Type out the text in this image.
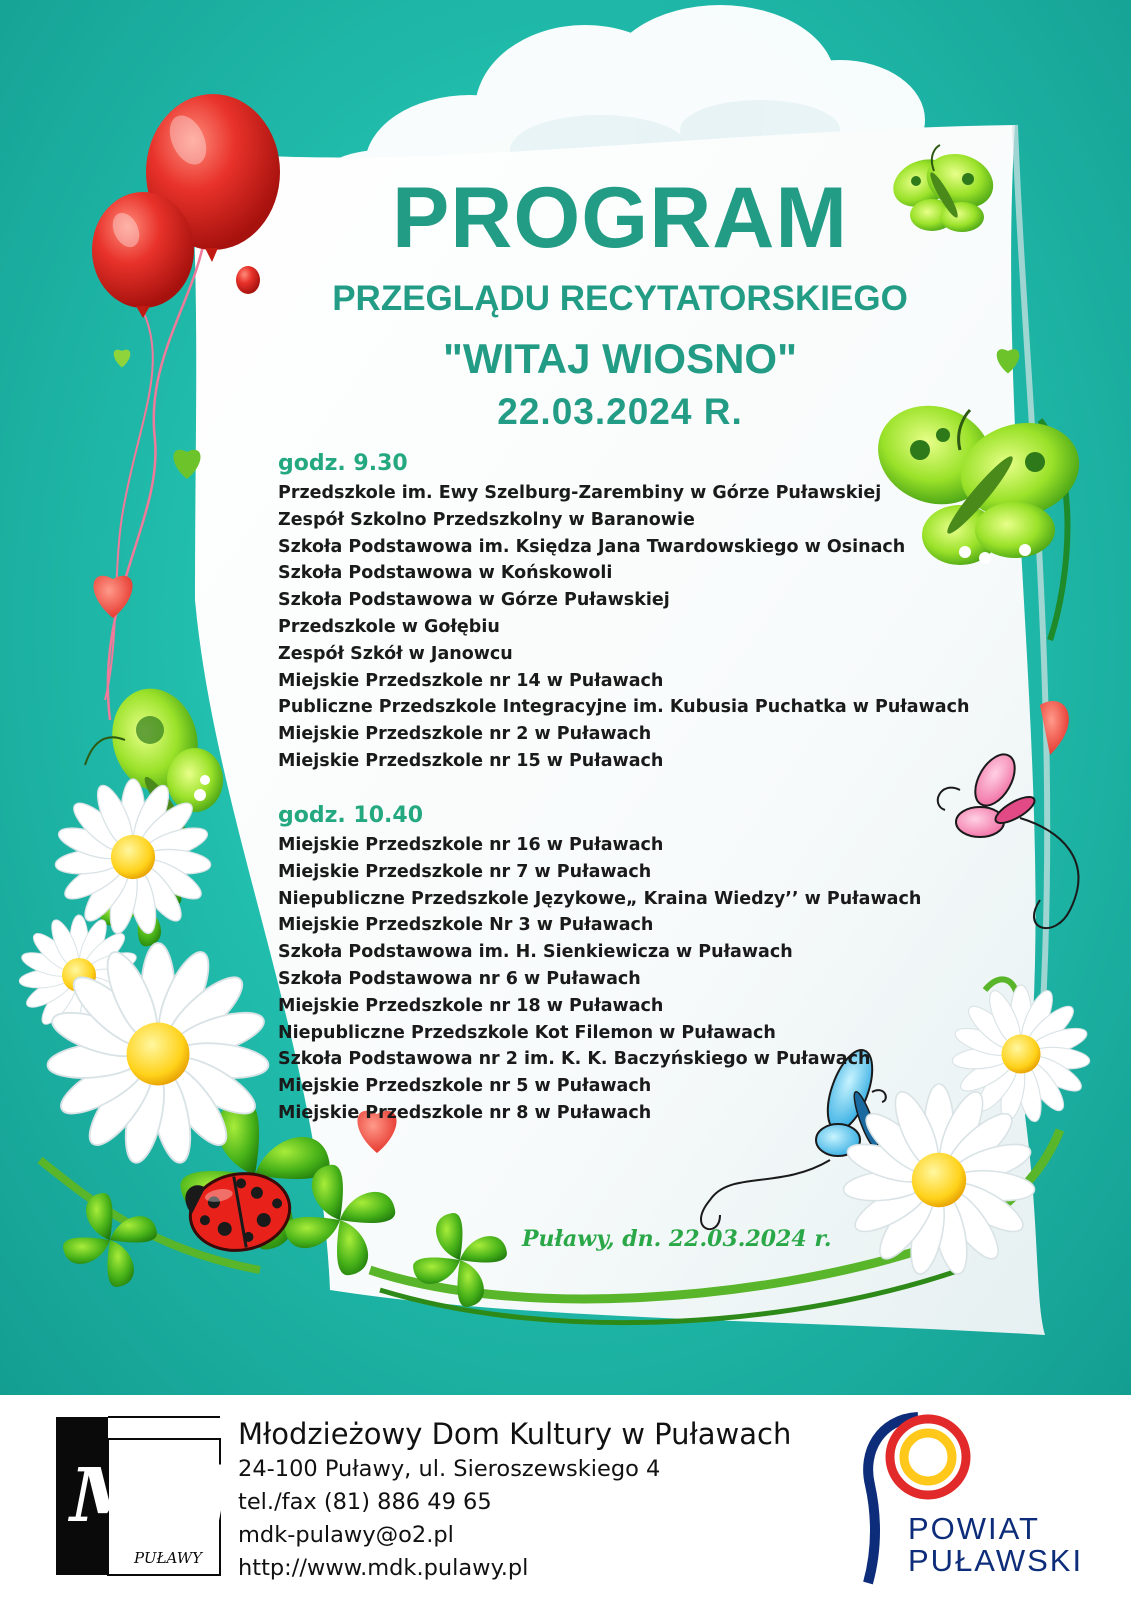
PROGRAM
PRZEGLĄDU RECYTATORSKIEGO
"WITAJ WIOSNO"
22.03.2024 R.
godz. 9.30
Przedszkole im. Ewy Szelburg-Zarembiny w Górze Puławskiej
Zespół Szkolno Przedszkolny w Baranowie
Szkoła Podstawowa im. Księdza Jana Twardowskiego w Osinach
Szkoła Podstawowa w Końskowoli
Szkoła Podstawowa w Górze Puławskiej
Przedszkole w Gołębiu
Zespół Szkół w Janowcu
Miejskie Przedszkole nr 14 w Puławach
Publiczne Przedszkole Integracyjne im. Kubusia Puchatka w Puławach
Miejskie Przedszkole nr 2 w Puławach
Miejskie Przedszkole nr 15 w Puławach
godz. 10.40
Miejskie Przedszkole nr 16 w Puławach
Miejskie Przedszkole nr 7 w Puławach
Niepubliczne Przedszkole Językowe„ Kraina Wiedzy’’ w Puławach
Miejskie Przedszkole Nr 3 w Puławach
Szkoła Podstawowa im. H. Sienkiewicza w Puławach
Szkoła Podstawowa nr 6 w Puławach
Miejskie Przedszkole nr 18 w Puławach
Niepubliczne Przedszkole Kot Filemon w Puławach
Szkoła Podstawowa nr 2 im. K. K. Baczyńskiego w Puławach
Miejskie Przedszkole nr 5 w Puławach
Miejskie Przedszkole nr 8 w Puławach
Puławy, dn. 22.03.2024 r.
Mdk.
PUŁAWY
Młodzieżowy Dom Kultury w Puławach
24-100 Puławy, ul. Sieroszewskiego 4
tel./fax (81) 886 49 65
mdk-pulawy@o2.pl
http://www.mdk.pulawy.pl
POWIAT
PUŁAWSKI
